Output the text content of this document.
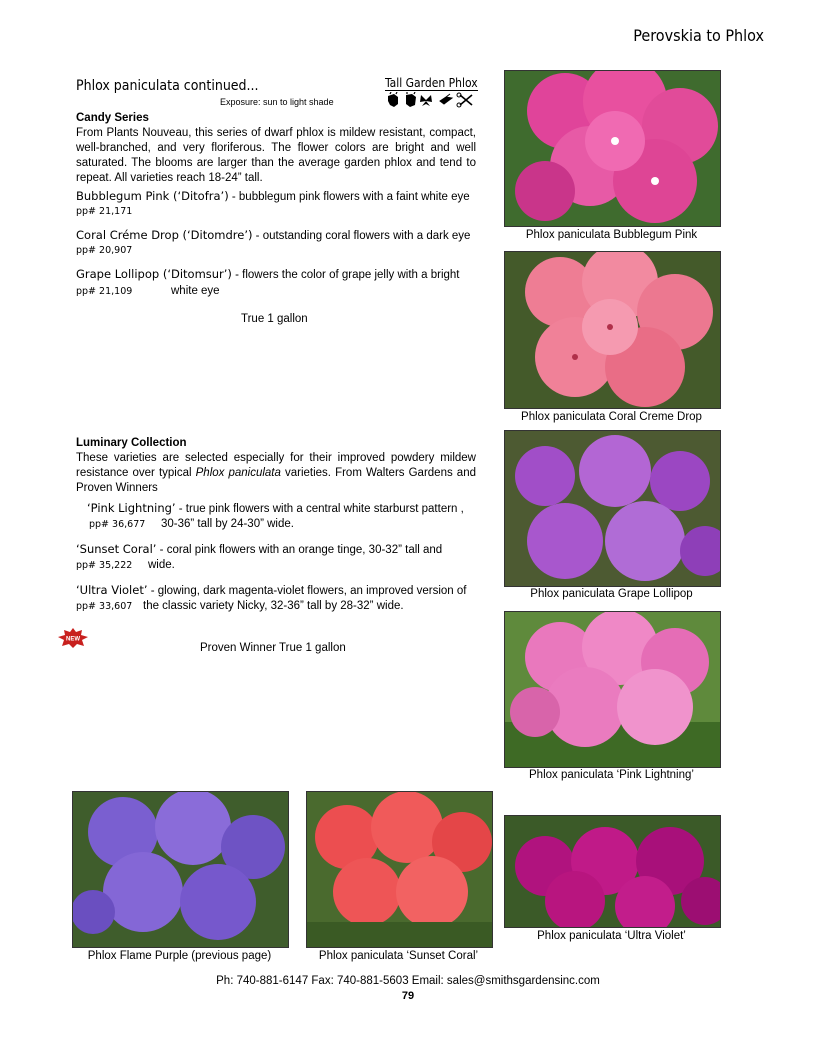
Perovskia to Phlox
Phlox paniculata continued...	Tall Garden Phlox
Exposure: sun to light shade
Candy Series
From Plants Nouveau, this series of dwarf phlox is mildew resistant, compact, well-branched, and very floriferous. The flower colors are bright and well saturated. The blooms are larger than the average garden phlox and tend to repeat. All varieties reach 18-24” tall.
Bubblegum Pink (‘Ditofra’) - bubblegum pink flowers with a faint white eye
pp# 21,171
Coral Créme Drop (‘Ditomdre’) - outstanding coral flowers with a dark eye
pp# 20,907
Grape Lollipop (‘Ditomsur’) - flowers the color of grape jelly with a bright
pp# 21,109	white eye
True 1 gallon
Luminary Collection
These varieties are selected especially for their improved powdery mildew resistance over typical Phlox paniculata varieties. From Walters Gardens and Proven Winners
‘Pink Lightning’ - true pink flowers with a central white starburst pattern ,
pp# 36,677 30-36” tall by 24-30” wide.
‘Sunset Coral’ - coral pink flowers with an orange tinge, 30-32” tall and
pp# 35,222 wide.
‘Ultra Violet’ - glowing, dark magenta-violet flowers, an improved version of
pp# 33,607 the classic variety Nicky, 32-36” tall by 28-32” wide.
NEW
Proven Winner True 1 gallon
Phlox paniculata Bubblegum Pink
Phlox paniculata Coral Creme Drop
Phlox paniculata Grape Lollipop
Phlox paniculata ‘Pink Lightning’
Phlox paniculata ‘Ultra Violet’
Phlox Flame Purple (previous page)	Phlox paniculata ‘Sunset Coral’
Ph: 740-881-6147 Fax: 740-881-5603 Email: sales@smithsgardensinc.com
79
